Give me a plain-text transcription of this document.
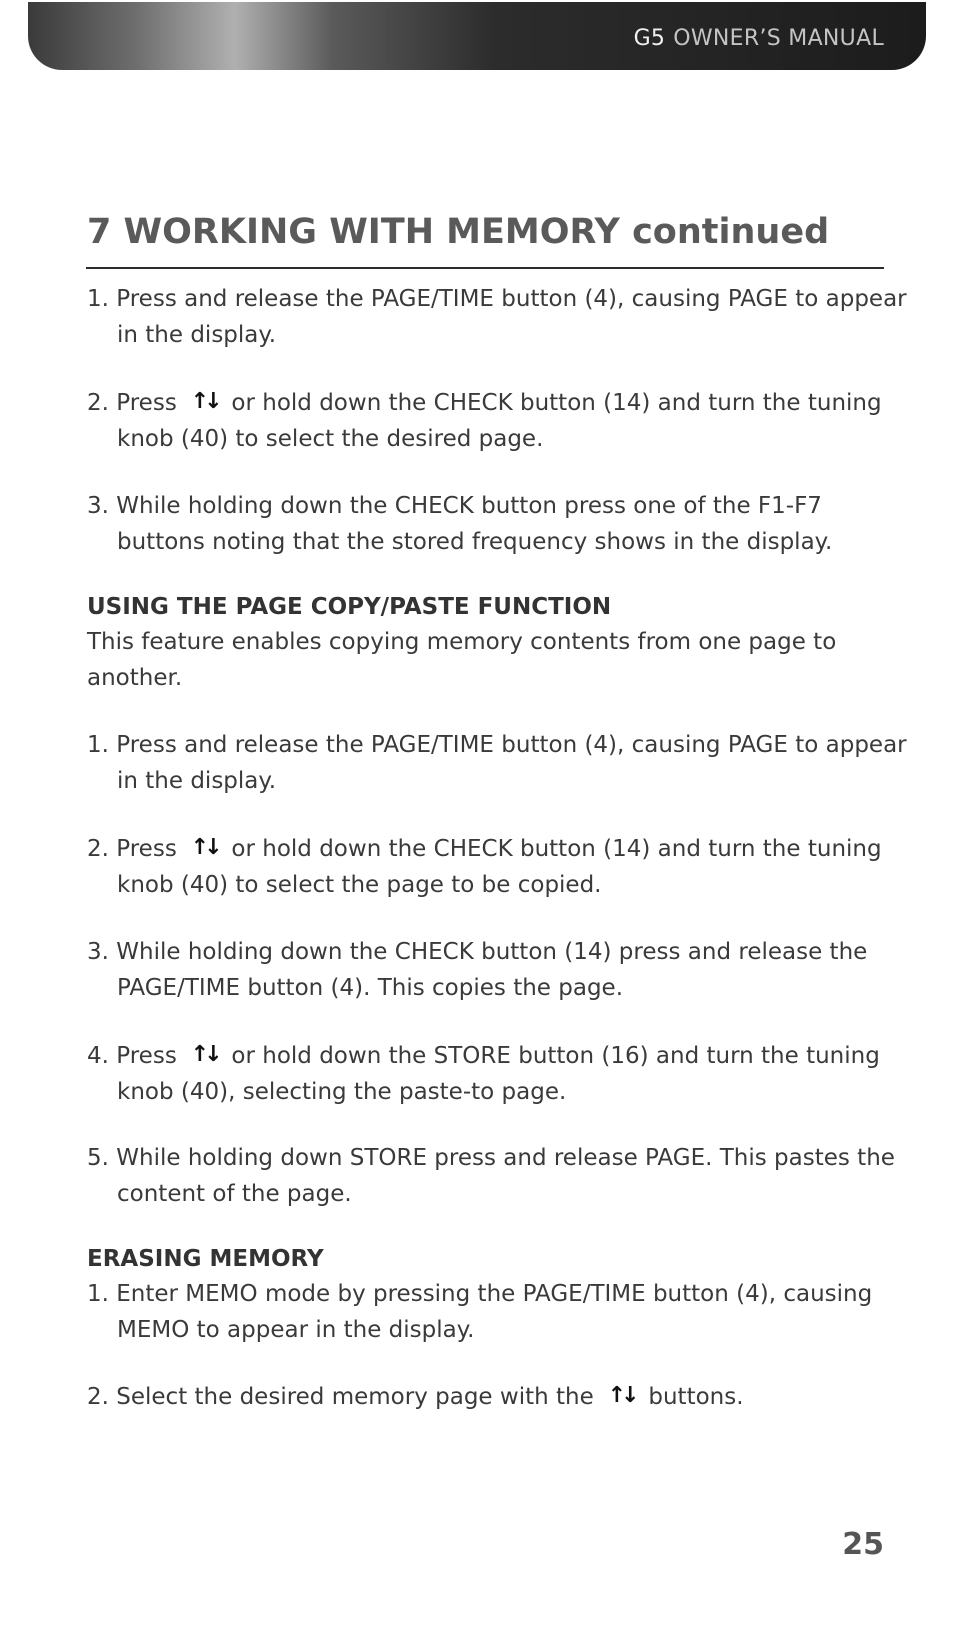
G5 OWNER’S MANUAL
7 WORKING WITH MEMORY continued

1. Press and release the PAGE/TIME button (4), causing PAGE to appear in the display.

2. Press ↑↓ or hold down the CHECK button (14) and turn the tuning knob (40) to select the desired page.

3. While holding down the CHECK button press one of the F1-F7 buttons noting that the stored frequency shows in the display.

USING THE PAGE COPY/PASTE FUNCTION

This feature enables copying memory contents from one page to another.

1. Press and release the PAGE/TIME button (4), causing PAGE to appear in the display.

2. Press ↑↓ or hold down the CHECK button (14) and turn the tuning knob (40) to select the page to be copied.

3. While holding down the CHECK button (14) press and release the PAGE/TIME button (4). This copies the page.

4. Press ↑↓ or hold down the STORE button (16) and turn the tuning knob (40), selecting the paste-to page.

5. While holding down STORE press and release PAGE. This pastes the content of the page.

ERASING MEMORY

1. Enter MEMO mode by pressing the PAGE/TIME button (4), causing MEMO to appear in the display.

2. Select the desired memory page with the ↑↓ buttons.

25
